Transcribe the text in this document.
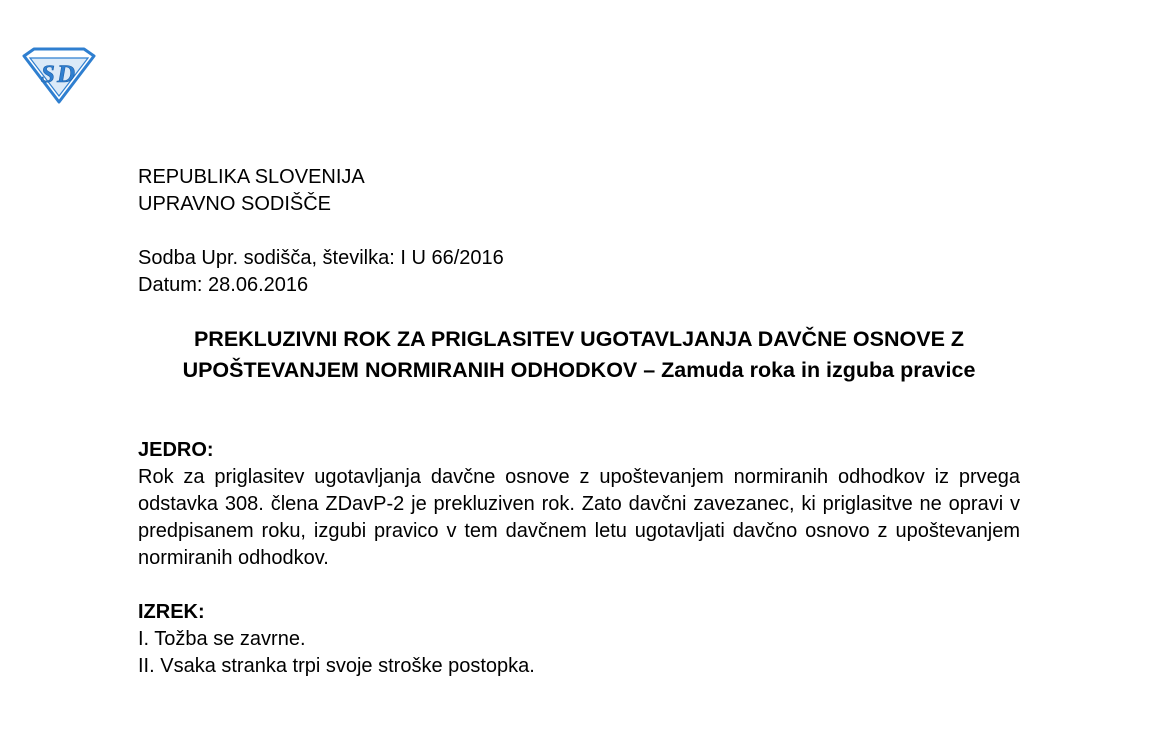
S D

REPUBLIKA SLOVENIJA

UPRAVNO SODIŠČE

Sodba Upr. sodišča, številka: I U 66/2016

Datum: 28.06.2016

PREKLUZIVNI ROK ZA PRIGLASITEV UGOTAVLJANJA DAVČNE OSNOVE Z UPOŠTEVANJEM NORMIRANIH ODHODKOV – Zamuda roka in izguba pravice

JEDRO:

Rok za priglasitev ugotavljanja davčne osnove z upoštevanjem normiranih odhodkov iz prvega odstavka 308. člena ZDavP-2 je prekluziven rok. Zato davčni zavezanec, ki priglasitve ne opravi v predpisanem roku, izgubi pravico v tem davčnem letu ugotavljati davčno osnovo z upoštevanjem normiranih odhodkov.

IZREK:

I. Tožba se zavrne.

II. Vsaka stranka trpi svoje stroške postopka.
